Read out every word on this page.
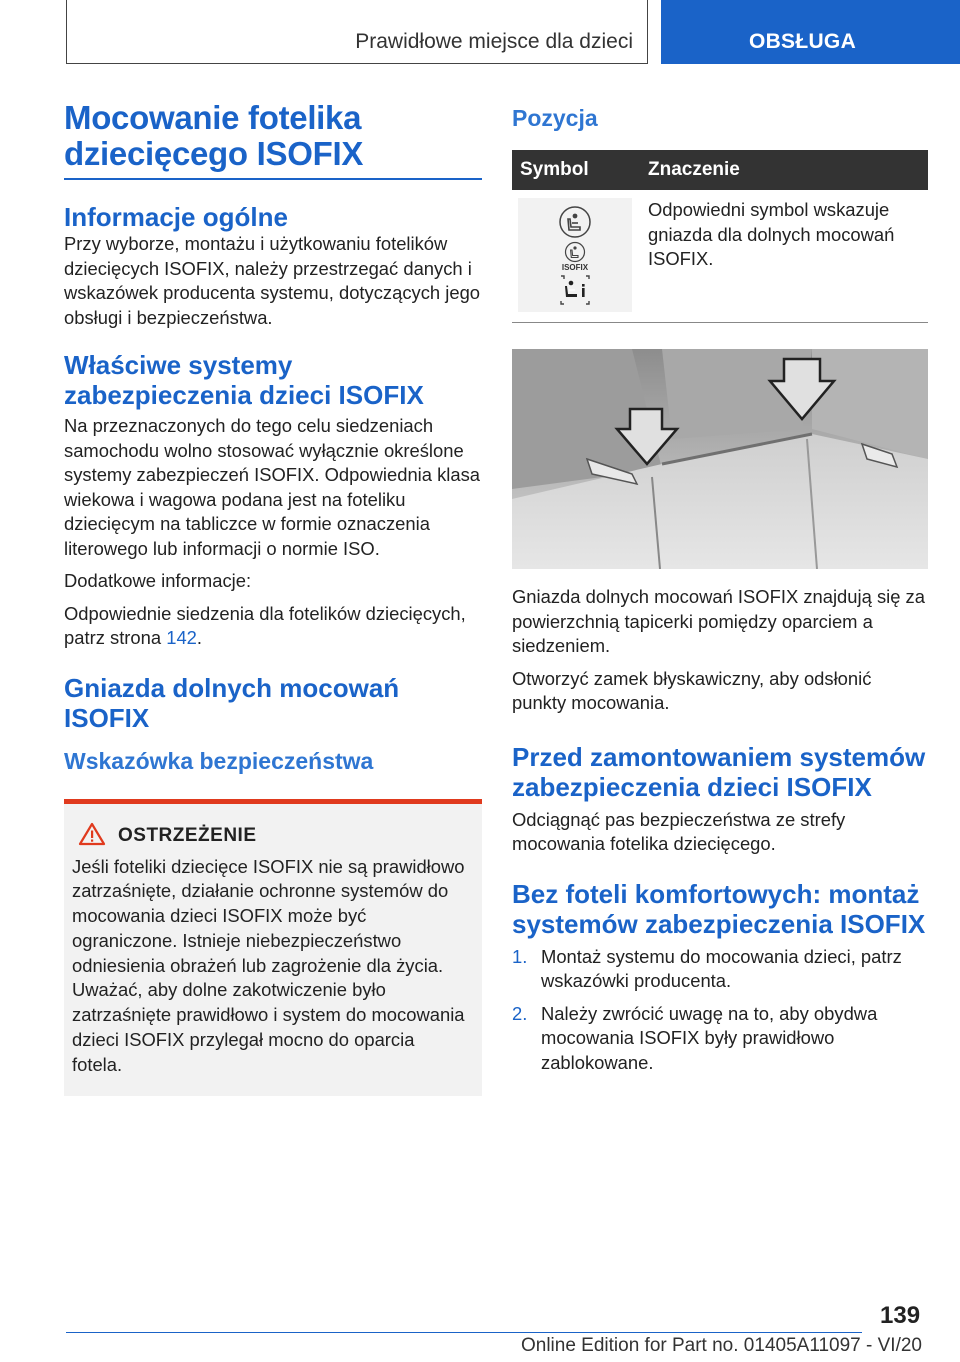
Prawidłowe miejsce dla dzieci	OBSŁUGA
Mocowanie fotelika dziecięcego ISOFIX
Informacje ogólne

Przy wyborze, montażu i użytkowaniu fotelików dziecięcych ISOFIX, należy przestrzegać danych i wskazówek producenta systemu, dotyczących jego obsługi i bezpieczeństwa.

Właściwe systemy zabezpieczenia dzieci ISOFIX

Na przeznaczonych do tego celu siedzeniach samochodu wolno stosować wyłącznie określone systemy zabezpieczeń ISOFIX. Odpowiednia klasa wiekowa i wagowa podana jest na foteliku dziecięcym na tabliczce w formie oznaczenia literowego lub informacji o normie ISO.

Dodatkowe informacje:

Odpowiednie siedzenia dla fotelików dziecięcych, patrz strona 142.

Gniazda dolnych mocowań ISOFIX
Wskazówka bezpieczeństwa
OSTRZEŻENIE

Jeśli foteliki dziecięce ISOFIX nie są prawidłowo zatrzaśnięte, działanie ochronne systemów do mocowania dzieci ISOFIX może być ograniczone. Istnieje niebezpieczeństwo odniesienia obrażeń lub zagrożenie dla życia. Uważać, aby dolne zakotwiczenie było zatrzaśnięte prawidłowo i system do mocowania dzieci ISOFIX przylegał mocno do oparcia fotela.

Pozycja
Symbol	Znaczenie

ISOFIX	Odpowiedni symbol wskazuje gniazda dla dolnych mocowań ISOFIX.

Gniazda dolnych mocowań ISOFIX znajdują się za powierzchnią tapicerki pomiędzy oparciem a siedzeniem.

Otworzyć zamek błyskawiczny, aby odsłonić punkty mocowania.

Przed zamontowaniem systemów zabezpieczenia dzieci ISOFIX

Odciągnąć pas bezpieczeństwa ze strefy mocowania fotelika dziecięcego.

Bez foteli komfortowych: montaż systemów zabezpieczenia ISOFIX
1. Montaż systemu do mocowania dzieci, patrz wskazówki producenta.
2. Należy zwrócić uwagę na to, aby obydwa mocowania ISOFIX były prawidłowo zablokowane.
139
Online Edition for Part no. 01405A11097 - VI/20
